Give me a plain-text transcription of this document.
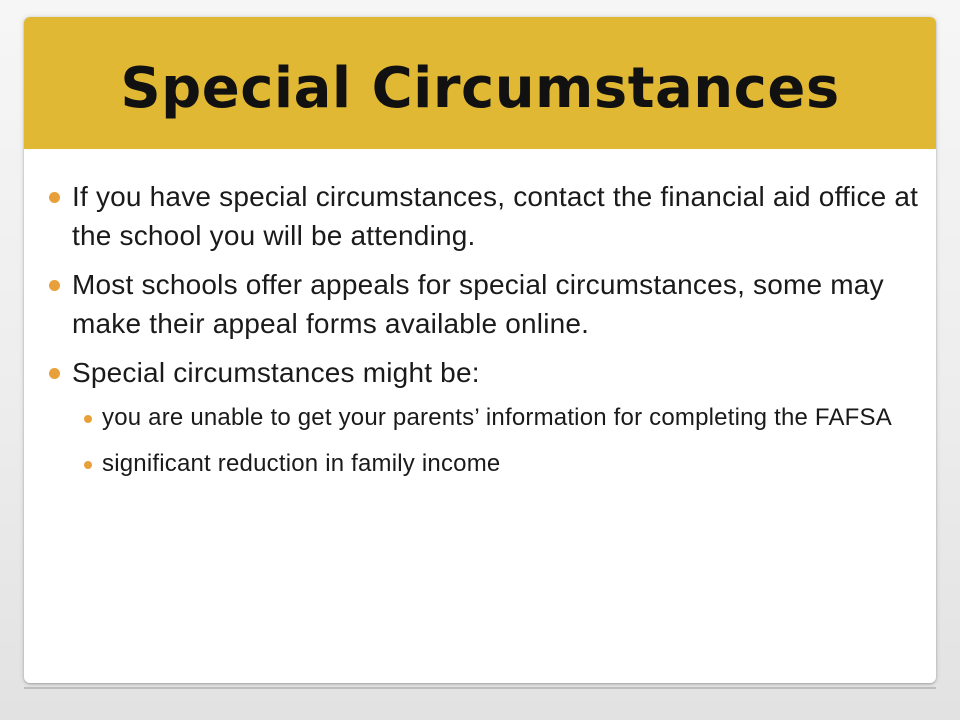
Special Circumstances
If you have special circumstances, contact the financial aid office at the school you will be attending.
Most schools offer appeals for special circumstances, some may make their appeal forms available online.
Special circumstances might be:
you are unable to get your parents’ information for completing the FAFSA
significant reduction in family income
